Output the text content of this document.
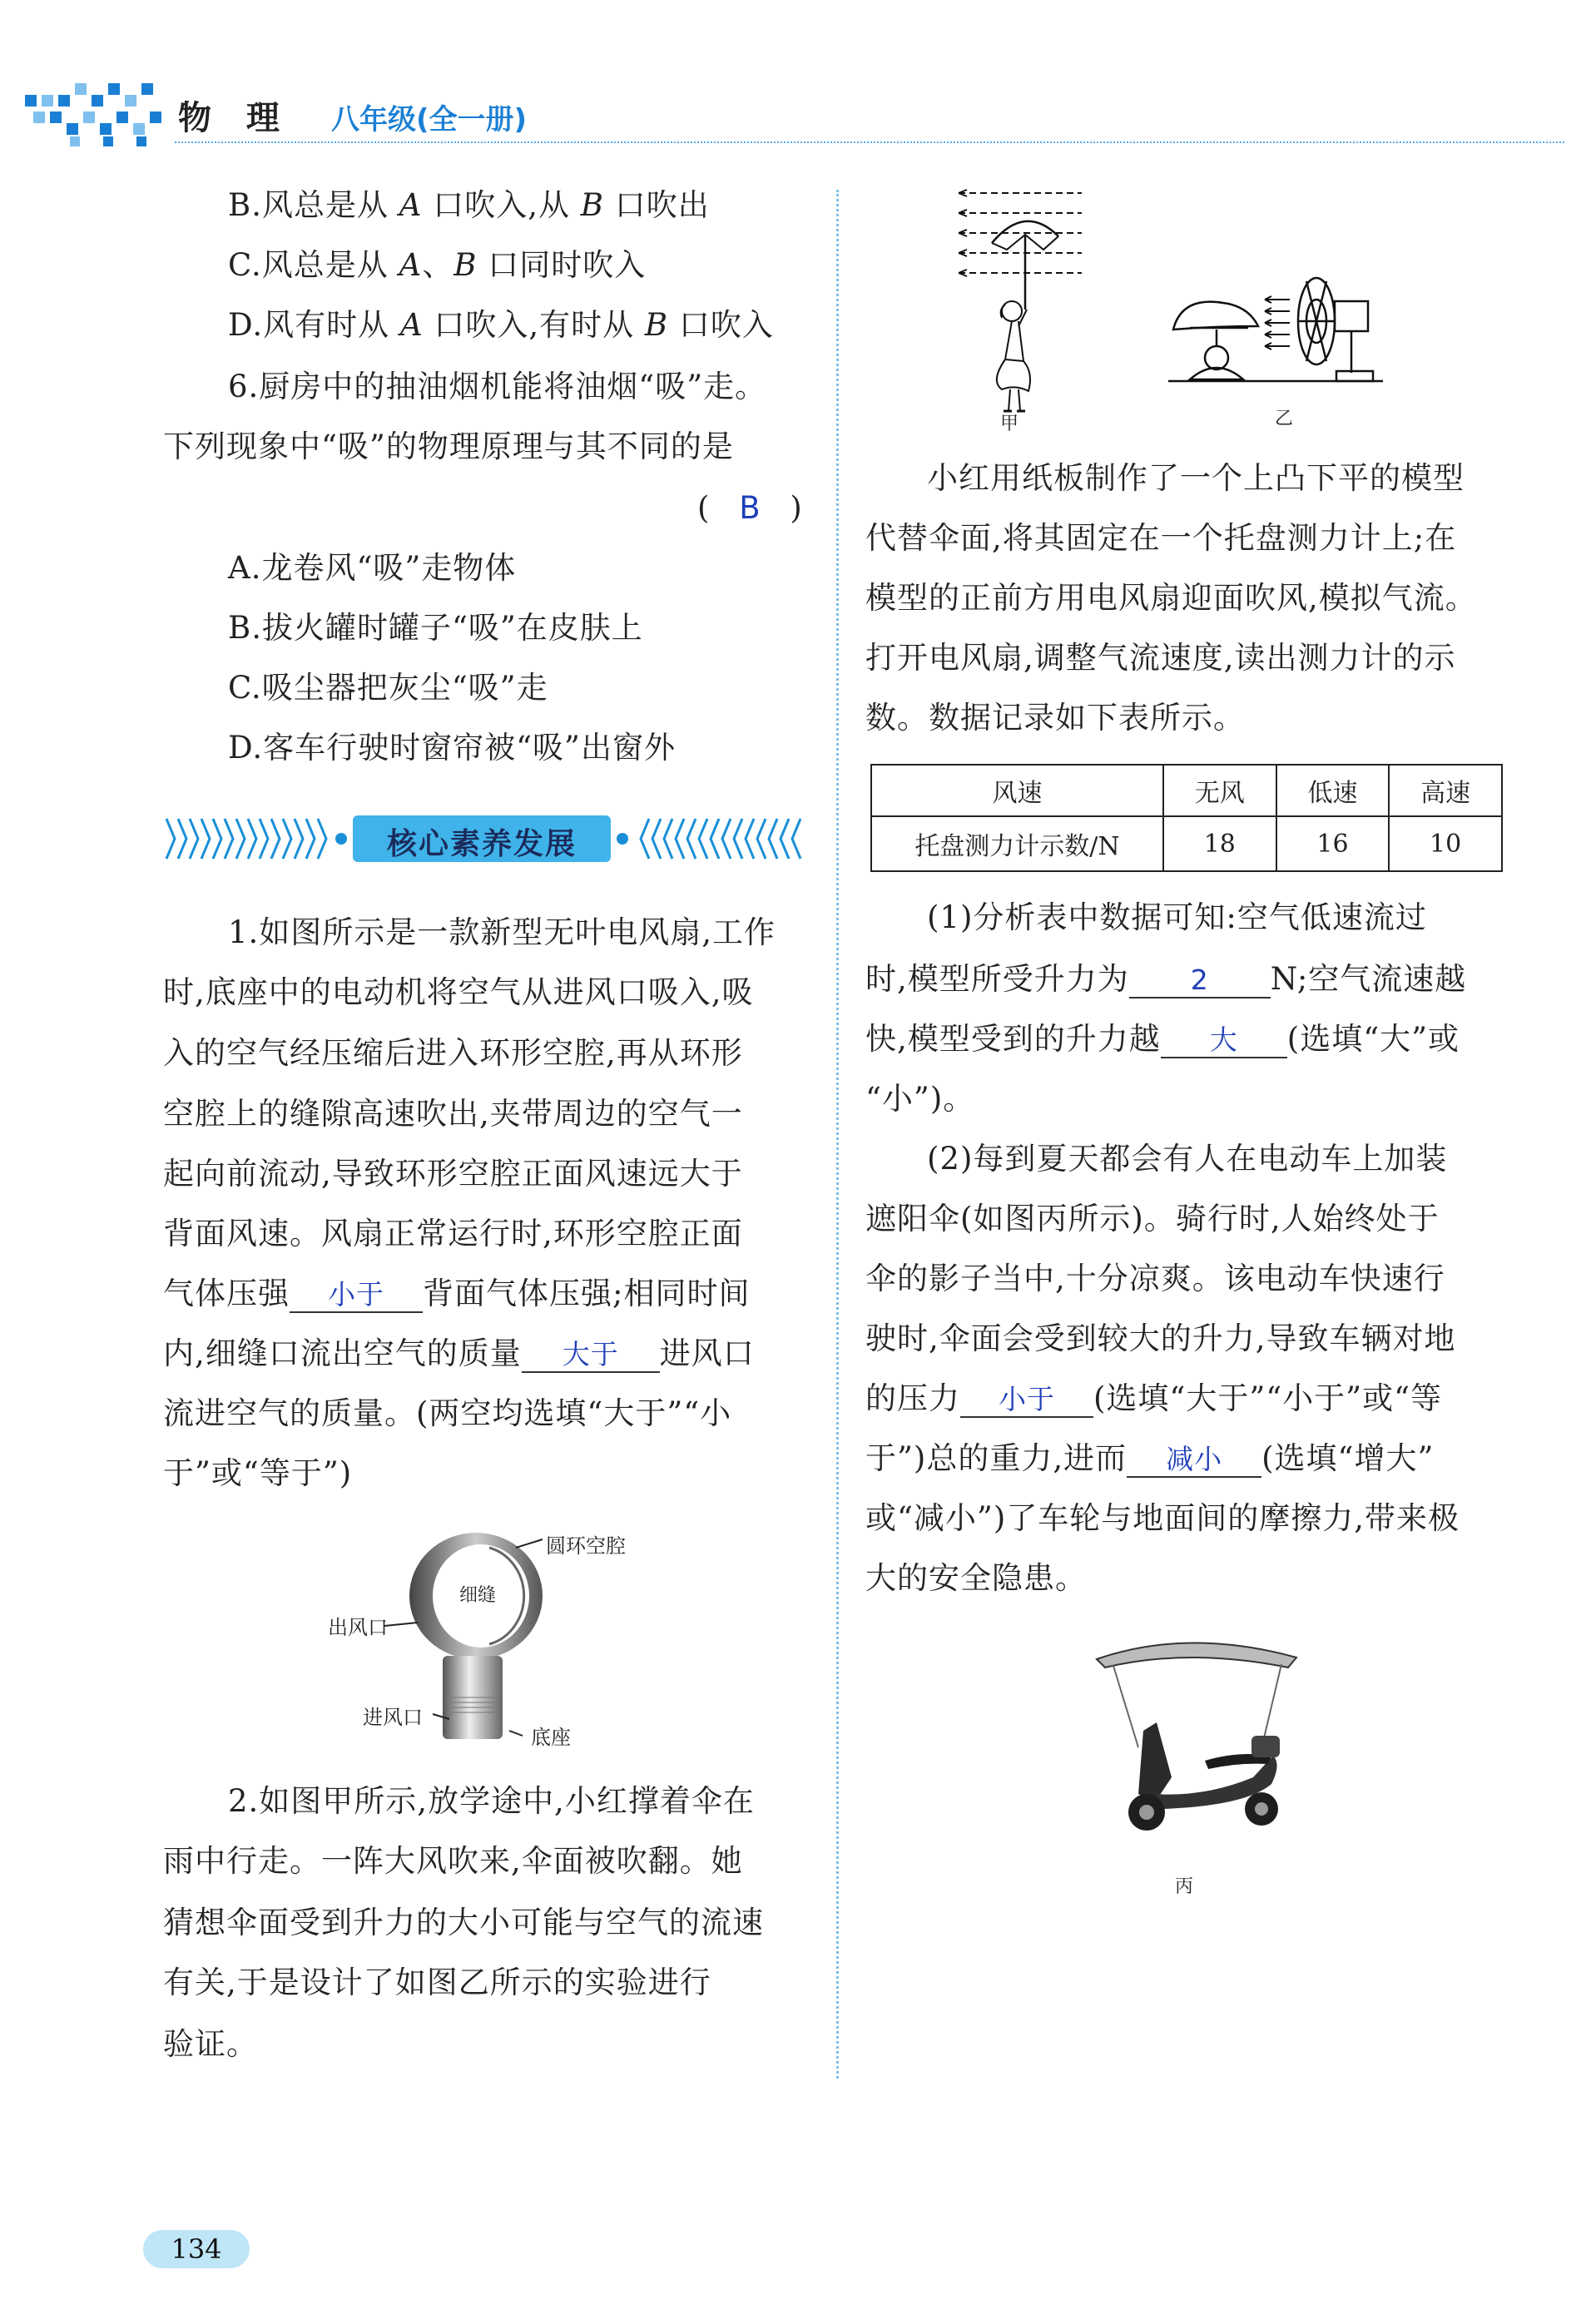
物 理 八年级(全一册)
B.风总是从 A 口吹入,从 B 口吹出
C.风总是从 A、B 口同时吹入
D.风有时从 A 口吹入,有时从 B 口吹入
6.厨房中的抽油烟机能将油烟“吸”走。
下列现象中“吸”的物理原理与其不同的是
( B )
A.龙卷风“吸”走物体
B.拔火罐时罐子“吸”在皮肤上
C.吸尘器把灰尘“吸”走
D.客车行驶时窗帘被“吸”出窗外
核心素养发展
1.如图所示是一款新型无叶电风扇,工作
时,底座中的电动机将空气从进风口吸入,吸
入的空气经压缩后进入环形空腔,再从环形
空腔上的缝隙高速吹出,夹带周边的空气一
起向前流动,导致环形空腔正面风速远大于
背面风速。风扇正常运行时,环形空腔正面
气体压强 小于 背面气体压强;相同时间
内,细缝口流出空气的质量 大于 进风口
流进空气的质量。(两空均选填“大于”“小
于”或“等于”)
圆环空腔
细缝
出风口
进风口
底座
2.如图甲所示,放学途中,小红撑着伞在
雨中行走。一阵大风吹来,伞面被吹翻。她
猜想伞面受到升力的大小可能与空气的流速
有关,于是设计了如图乙所示的实验进行
验证。
甲	乙
小红用纸板制作了一个上凸下平的模型
代替伞面,将其固定在一个托盘测力计上;在
模型的正前方用电风扇迎面吹风,模拟气流。
打开电风扇,调整气流速度,读出测力计的示
数。数据记录如下表所示。
风速	无风	低速	高速
托盘测力计示数/N	18	16	10
(1)分析表中数据可知:空气低速流过
时,模型所受升力为 2 N;空气流速越
快,模型受到的升力越 大 (选填“大”或
“小”)。
(2)每到夏天都会有人在电动车上加装
遮阳伞(如图丙所示)。骑行时,人始终处于
伞的影子当中,十分凉爽。该电动车快速行
驶时,伞面会受到较大的升力,导致车辆对地
的压力 小于 (选填“大于”“小于”或“等
于”)总的重力,进而 减小 (选填“增大”
或“减小”)了车轮与地面间的摩擦力,带来极
大的安全隐患。
丙
134
